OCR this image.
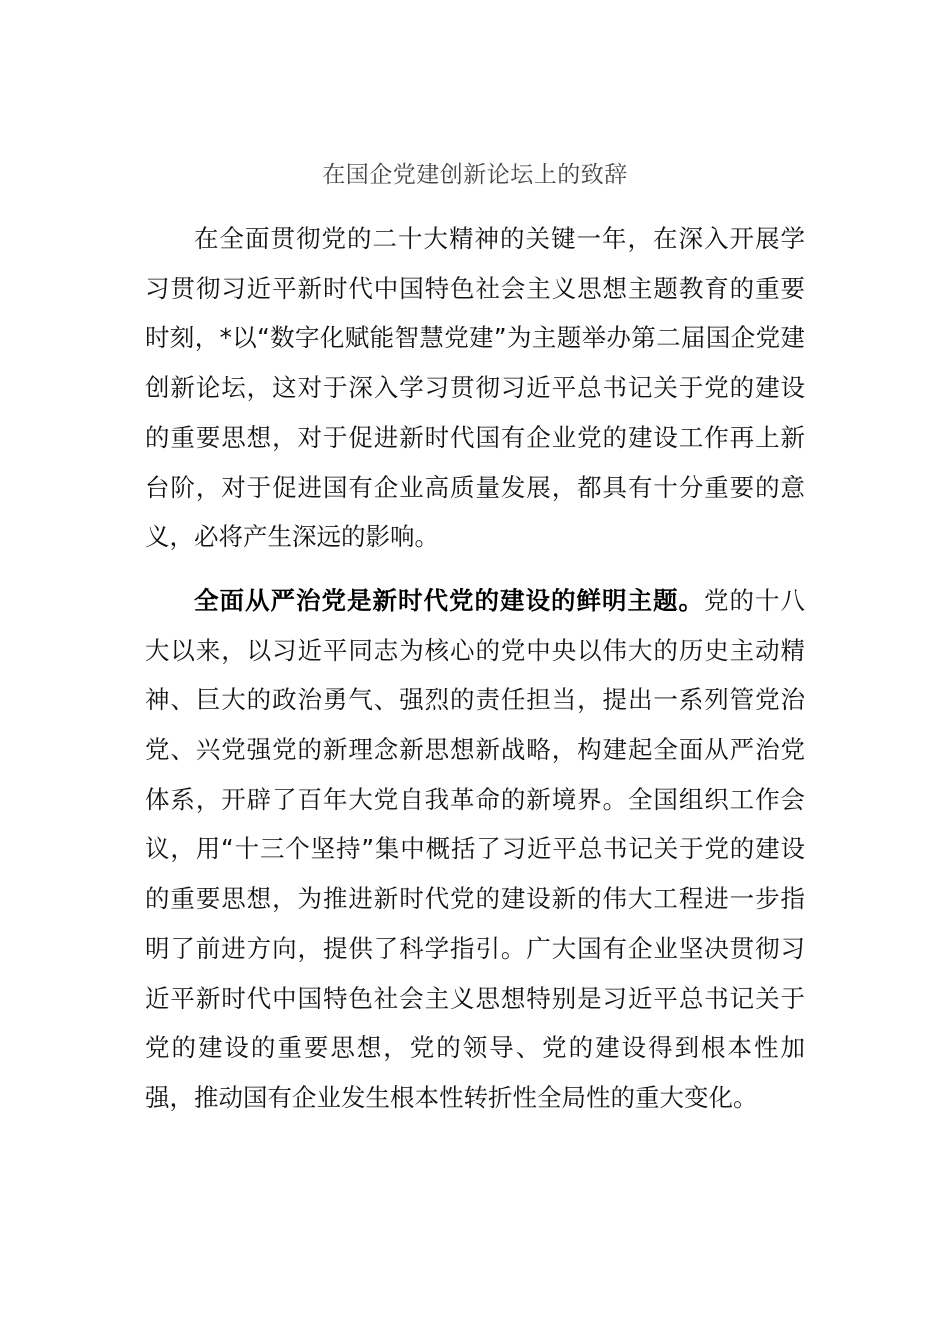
在国企党建创新论坛上的致辞

在全面贯彻党的二十大精神的关键一年，在深入开展学习贯彻习近平新时代中国特色社会主义思想主题教育的重要时刻，*以“数字化赋能智慧党建”为主题举办第二届国企党建创新论坛，这对于深入学习贯彻习近平总书记关于党的建设的重要思想，对于促进新时代国有企业党的建设工作再上新台阶，对于促进国有企业高质量发展，都具有十分重要的意义，必将产生深远的影响。

全面从严治党是新时代党的建设的鲜明主题。党的十八大以来，以习近平同志为核心的党中央以伟大的历史主动精神、巨大的政治勇气、强烈的责任担当，提出一系列管党治党、兴党强党的新理念新思想新战略，构建起全面从严治党体系，开辟了百年大党自我革命的新境界。全国组织工作会议，用“十三个坚持”集中概括了习近平总书记关于党的建设的重要思想，为推进新时代党的建设新的伟大工程进一步指明了前进方向，提供了科学指引。广大国有企业坚决贯彻习近平新时代中国特色社会主义思想特别是习近平总书记关于党的建设的重要思想，党的领导、党的建设得到根本性加强，推动国有企业发生根本性转折性全局性的重大变化。
